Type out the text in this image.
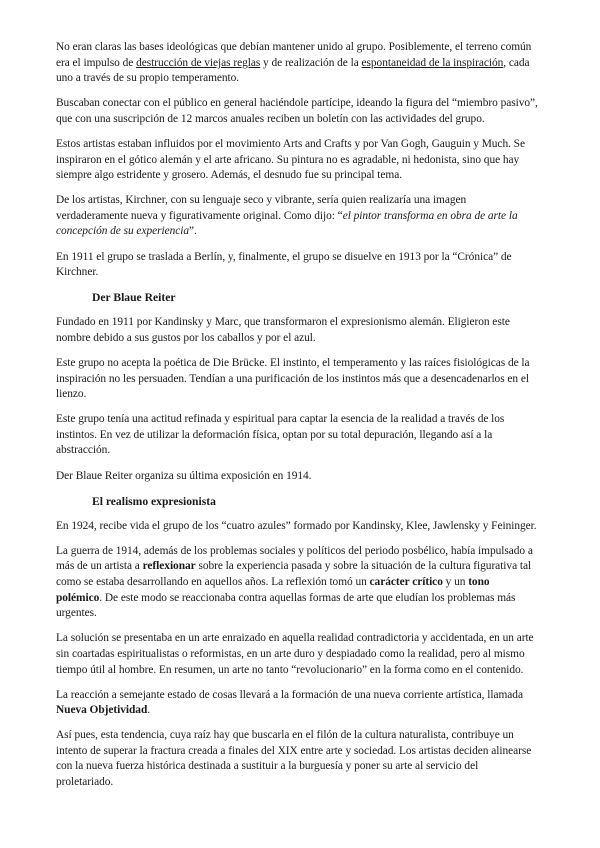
No eran claras las bases ideológicas que debían mantener unido al grupo. Posiblemente, el terreno común era el impulso de destrucción de viejas reglas y de realización de la espontaneidad de la inspiración, cada uno a través de su propio temperamento.

Buscaban conectar con el público en general haciéndole partícipe, ideando la figura del “miembro pasivo”, que con una suscripción de 12 marcos anuales reciben un boletín con las actividades del grupo.

Estos artistas estaban influidos por el movimiento Arts and Crafts y por Van Gogh, Gauguin y Much. Se inspiraron en el gótico alemán y el arte africano. Su pintura no es agradable, ni hedonista, sino que hay siempre algo estridente y grosero. Además, el desnudo fue su principal tema.

De los artistas, Kirchner, con su lenguaje seco y vibrante, sería quien realizaría una imagen verdaderamente nueva y figurativamente original. Como dijo: “el pintor transforma en obra de arte la concepción de su experiencia”.

En 1911 el grupo se traslada a Berlín, y, finalmente, el grupo se disuelve en 1913 por la “Crónica” de Kirchner.

Der Blaue Reiter

Fundado en 1911 por Kandinsky y Marc, que transformaron el expresionismo alemán. Eligieron este nombre debido a sus gustos por los caballos y por el azul.

Este grupo no acepta la poética de Die Brücke. El instinto, el temperamento y las raíces fisiológicas de la inspiración no les persuaden. Tendían a una purificación de los instintos más que a desencadenarlos en el lienzo.

Este grupo tenía una actitud refinada y espiritual para captar la esencia de la realidad a través de los instintos. En vez de utilizar la deformación física, optan por su total depuración, llegando así a la abstracción.

Der Blaue Reiter organiza su última exposición en 1914.

El realismo expresionista

En 1924, recibe vida el grupo de los “cuatro azules” formado por Kandinsky, Klee, Jawlensky y Feininger.

La guerra de 1914, además de los problemas sociales y políticos del periodo posbélico, había impulsado a más de un artista a reflexionar sobre la experiencia pasada y sobre la situación de la cultura figurativa tal como se estaba desarrollando en aquellos años. La reflexión tomó un carácter crítico y un tono polémico. De este modo se reaccionaba contra aquellas formas de arte que eludían los problemas más urgentes.

La solución se presentaba en un arte enraizado en aquella realidad contradictoria y accidentada, en un arte sin coartadas espiritualistas o reformistas, en un arte duro y despiadado como la realidad, pero al mismo tiempo útil al hombre. En resumen, un arte no tanto “revolucionario” en la forma como en el contenido.

La reacción a semejante estado de cosas llevará a la formación de una nueva corriente artística, llamada Nueva Objetividad.

Así pues, esta tendencia, cuya raíz hay que buscarla en el filón de la cultura naturalista, contribuye un intento de superar la fractura creada a finales del XIX entre arte y sociedad. Los artistas deciden alinearse con la nueva fuerza histórica destinada a sustituir a la burguesía y poner su arte al servicio del proletariado.
